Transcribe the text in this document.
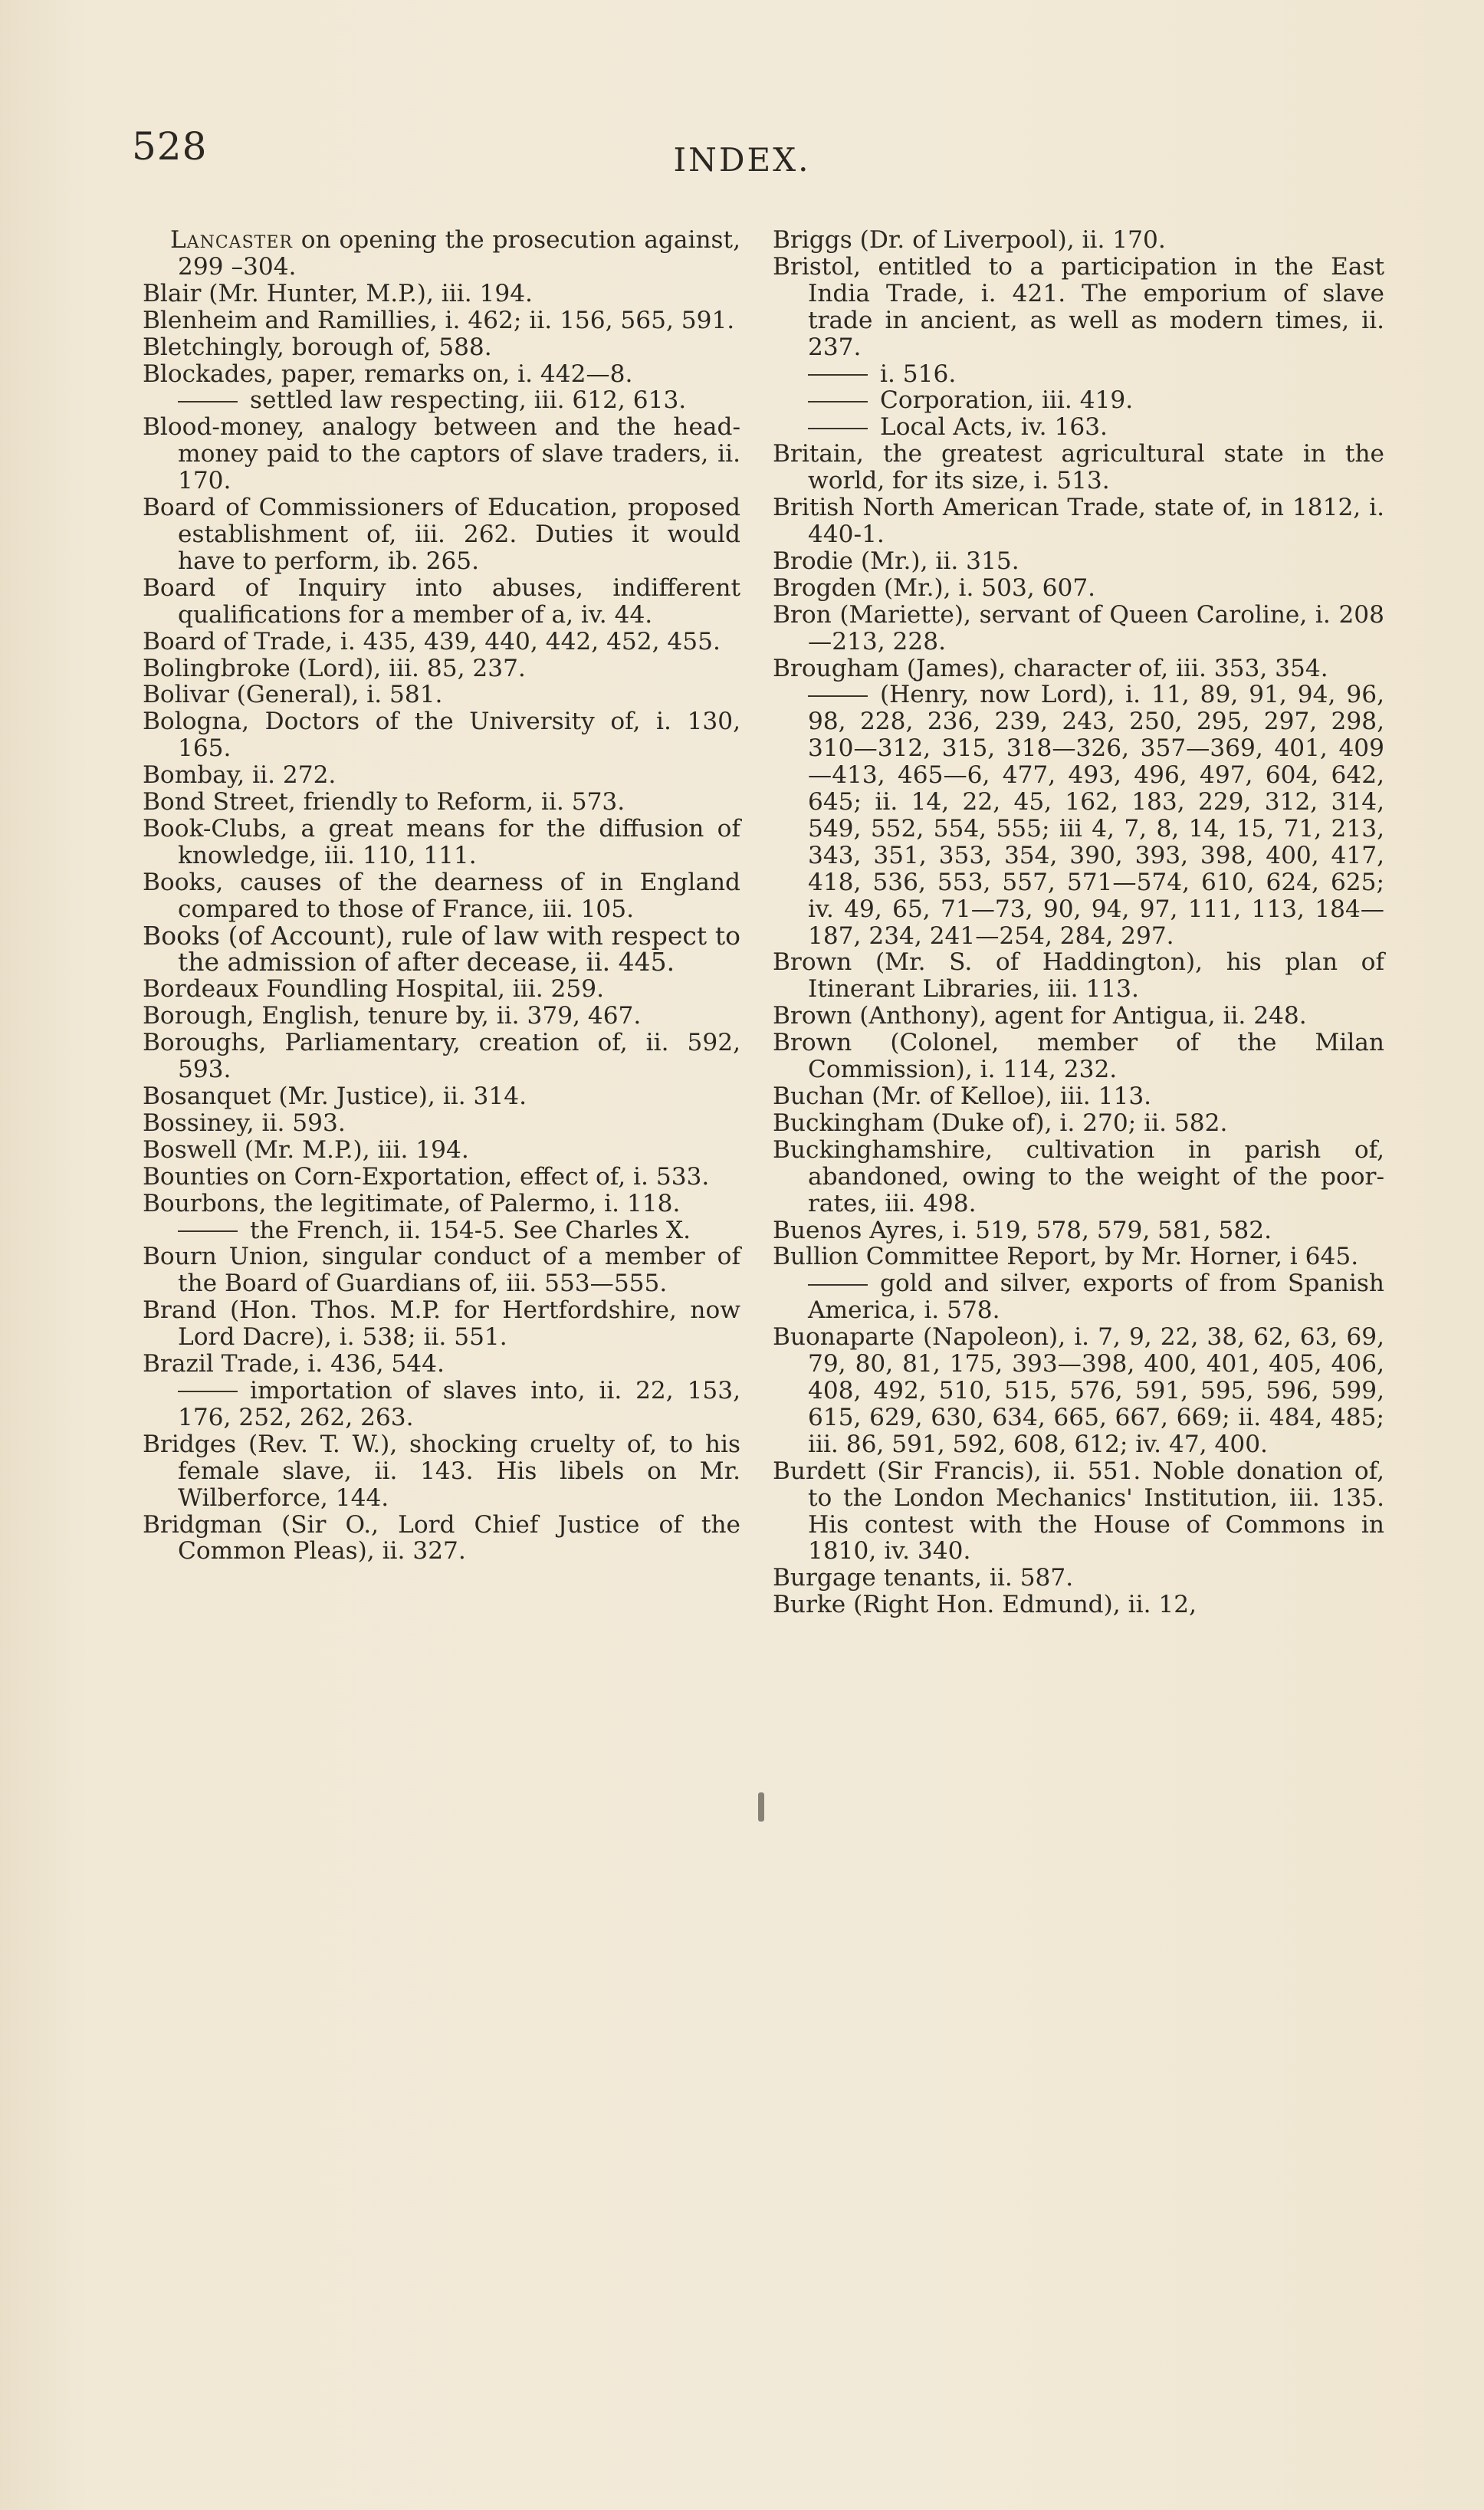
528	INDEX.

Lancaster on opening the prosecution against, 299 –304.

Blair (Mr. Hunter, M.P.), iii. 194.

Blenheim and Ramillies, i. 462; ii. 156, 565, 591.

Bletchingly, borough of, 588.

Blockades, paper, remarks on, i. 442—8.

settled law respecting, iii. 612, 613.

Blood-money, analogy between and the head-money paid to the captors of slave traders, ii. 170.

Board of Commissioners of Education, proposed establishment of, iii. 262. Duties it would have to perform, ib. 265.

Board of Inquiry into abuses, indifferent qualifications for a member of a, iv. 44.

Board of Trade, i. 435, 439, 440, 442, 452, 455.

Bolingbroke (Lord), iii. 85, 237.

Bolivar (General), i. 581.

Bologna, Doctors of the University of, i. 130, 165.

Bombay, ii. 272.

Bond Street, friendly to Reform, ii. 573.

Book-Clubs, a great means for the diffusion of knowledge, iii. 110, 111.

Books, causes of the dearness of in England compared to those of France, iii. 105.

Books (of Account), rule of law with respect to the admission of after decease, ii. 445.

Bordeaux Foundling Hospital, iii. 259.

Borough, English, tenure by, ii. 379, 467.

Boroughs, Parliamentary, creation of, ii. 592, 593.

Bosanquet (Mr. Justice), ii. 314.

Bossiney, ii. 593.

Boswell (Mr. M.P.), iii. 194.

Bounties on Corn-Exportation, effect of, i. 533.

Bourbons, the legitimate, of Palermo, i. 118.

the French, ii. 154-5. See Charles X.

Bourn Union, singular conduct of a member of the Board of Guardians of, iii. 553—555.

Brand (Hon. Thos. M.P. for Hertfordshire, now Lord Dacre), i. 538; ii. 551.

Brazil Trade, i. 436, 544.

importation of slaves into, ii. 22, 153, 176, 252, 262, 263.

Bridges (Rev. T. W.), shocking cruelty of, to his female slave, ii. 143. His libels on Mr. Wilberforce, 144.

Bridgman (Sir O., Lord Chief Justice of the Common Pleas), ii. 327.

Briggs (Dr. of Liverpool), ii. 170.

Bristol, entitled to a participation in the East India Trade, i. 421. The emporium of slave trade in ancient, as well as modern times, ii. 237.

i. 516.

Corporation, iii. 419.

Local Acts, iv. 163.

Britain, the greatest agricultural state in the world, for its size, i. 513.

British North American Trade, state of, in 1812, i. 440-1.

Brodie (Mr.), ii. 315.

Brogden (Mr.), i. 503, 607.

Bron (Mariette), servant of Queen Caroline, i. 208—213, 228.

Brougham (James), character of, iii. 353, 354.

(Henry, now Lord), i. 11, 89, 91, 94, 96, 98, 228, 236, 239, 243, 250, 295, 297, 298, 310—312, 315, 318—326, 357—369, 401, 409—413, 465—6, 477, 493, 496, 497, 604, 642, 645; ii. 14, 22, 45, 162, 183, 229, 312, 314, 549, 552, 554, 555; iii 4, 7, 8, 14, 15, 71, 213, 343, 351, 353, 354, 390, 393, 398, 400, 417, 418, 536, 553, 557, 571—574, 610, 624, 625; iv. 49, 65, 71—73, 90, 94, 97, 111, 113, 184—187, 234, 241—254, 284, 297.

Brown (Mr. S. of Haddington), his plan of Itinerant Libraries, iii. 113.

Brown (Anthony), agent for Antigua, ii. 248.

Brown (Colonel, member of the Milan Commission), i. 114, 232.

Buchan (Mr. of Kelloe), iii. 113.

Buckingham (Duke of), i. 270; ii. 582.

Buckinghamshire, cultivation in parish of, abandoned, owing to the weight of the poor-rates, iii. 498.

Buenos Ayres, i. 519, 578, 579, 581, 582.

Bullion Committee Report, by Mr. Horner, i 645.

gold and silver, exports of from Spanish America, i. 578.

Buonaparte (Napoleon), i. 7, 9, 22, 38, 62, 63, 69, 79, 80, 81, 175, 393—398, 400, 401, 405, 406, 408, 492, 510, 515, 576, 591, 595, 596, 599, 615, 629, 630, 634, 665, 667, 669; ii. 484, 485; iii. 86, 591, 592, 608, 612; iv. 47, 400.

Burdett (Sir Francis), ii. 551. Noble donation of, to the London Mechanics' Institution, iii. 135. His contest with the House of Commons in 1810, iv. 340.

Burgage tenants, ii. 587.

Burke (Right Hon. Edmund), ii. 12,
